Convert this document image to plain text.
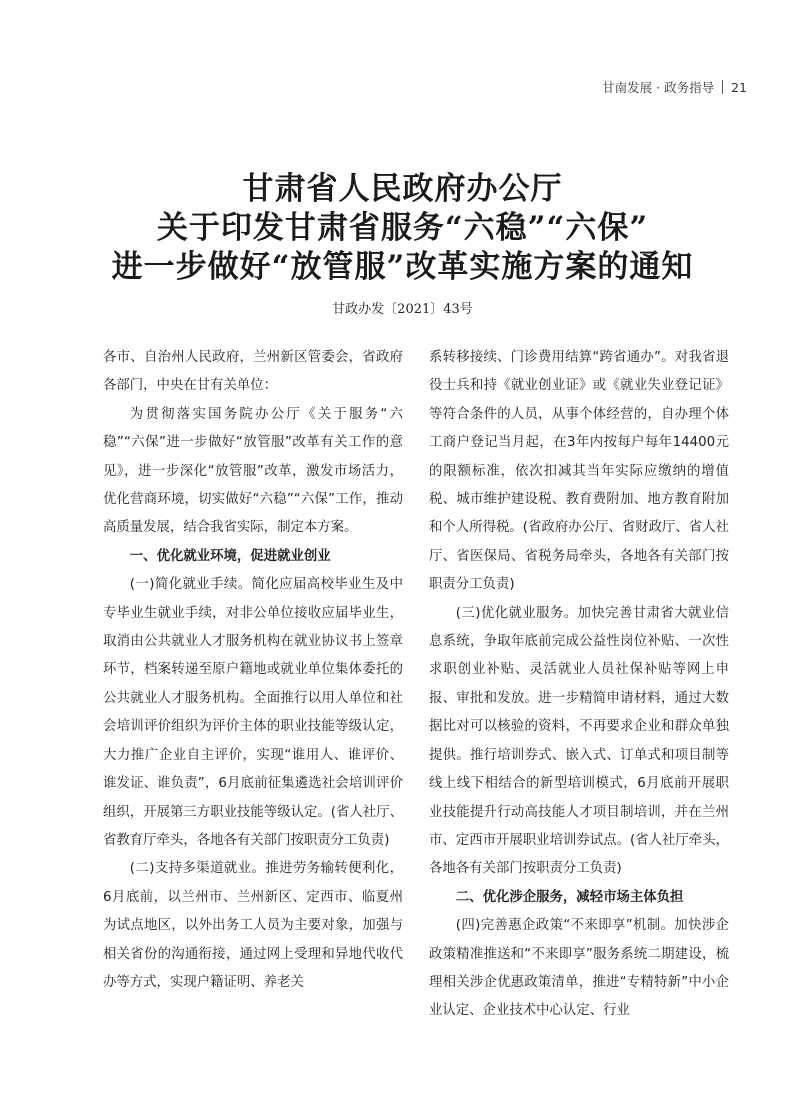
甘南发展 · 政务指导 21
甘肃省人民政府办公厅
关于印发甘肃省服务“六稳”“六保”
进一步做好“放管服”改革实施方案的通知
甘政办发〔2021〕43号

各市、自治州人民政府，兰州新区管委会，省政府各部门，中央在甘有关单位：

为贯彻落实国务院办公厅《关于服务“六稳”“六保”进一步做好“放管服”改革有关工作的意见》，进一步深化“放管服”改革，激发市场活力，优化营商环境，切实做好“六稳”“六保”工作，推动高质量发展，结合我省实际，制定本方案。

一、优化就业环境，促进就业创业

(一)简化就业手续。简化应届高校毕业生及中专毕业生就业手续，对非公单位接收应届毕业生，取消由公共就业人才服务机构在就业协议书上签章环节，档案转递至原户籍地或就业单位集体委托的公共就业人才服务机构。全面推行以用人单位和社会培训评价组织为评价主体的职业技能等级认定，大力推广企业自主评价，实现“谁用人、谁评价、谁发证、谁负责”，6月底前征集遴选社会培训评价组织，开展第三方职业技能等级认定。(省人社厅、省教育厅牵头，各地各有关部门按职责分工负责)

(二)支持多渠道就业。推进劳务输转便利化，6月底前，以兰州市、兰州新区、定西市、临夏州为试点地区，以外出务工人员为主要对象，加强与相关省份的沟通衔接，通过网上受理和异地代收代办等方式，实现户籍证明、养老关

系转移接续、门诊费用结算“跨省通办”。对我省退役士兵和持《就业创业证》或《就业失业登记证》等符合条件的人员，从事个体经营的，自办理个体工商户登记当月起，在3年内按每户每年14400元的限额标准，依次扣减其当年实际应缴纳的增值税、城市维护建设税、教育费附加、地方教育附加和个人所得税。(省政府办公厅、省财政厅、省人社厅、省医保局、省税务局牵头，各地各有关部门按职责分工负责)

(三)优化就业服务。加快完善甘肃省大就业信息系统，争取年底前完成公益性岗位补贴、一次性求职创业补贴、灵活就业人员社保补贴等网上申报、审批和发放。进一步精简申请材料，通过大数据比对可以核验的资料，不再要求企业和群众单独提供。推行培训券式、嵌入式、订单式和项目制等线上线下相结合的新型培训模式，6月底前开展职业技能提升行动高技能人才项目制培训，并在兰州市、定西市开展职业培训券试点。(省人社厅牵头，各地各有关部门按职责分工负责)

二、优化涉企服务，减轻市场主体负担

(四)完善惠企政策“不来即享”机制。加快涉企政策精准推送和“不来即享”服务系统二期建设，梳理相关涉企优惠政策清单，推进“专精特新”中小企业认定、企业技术中心认定、行业
